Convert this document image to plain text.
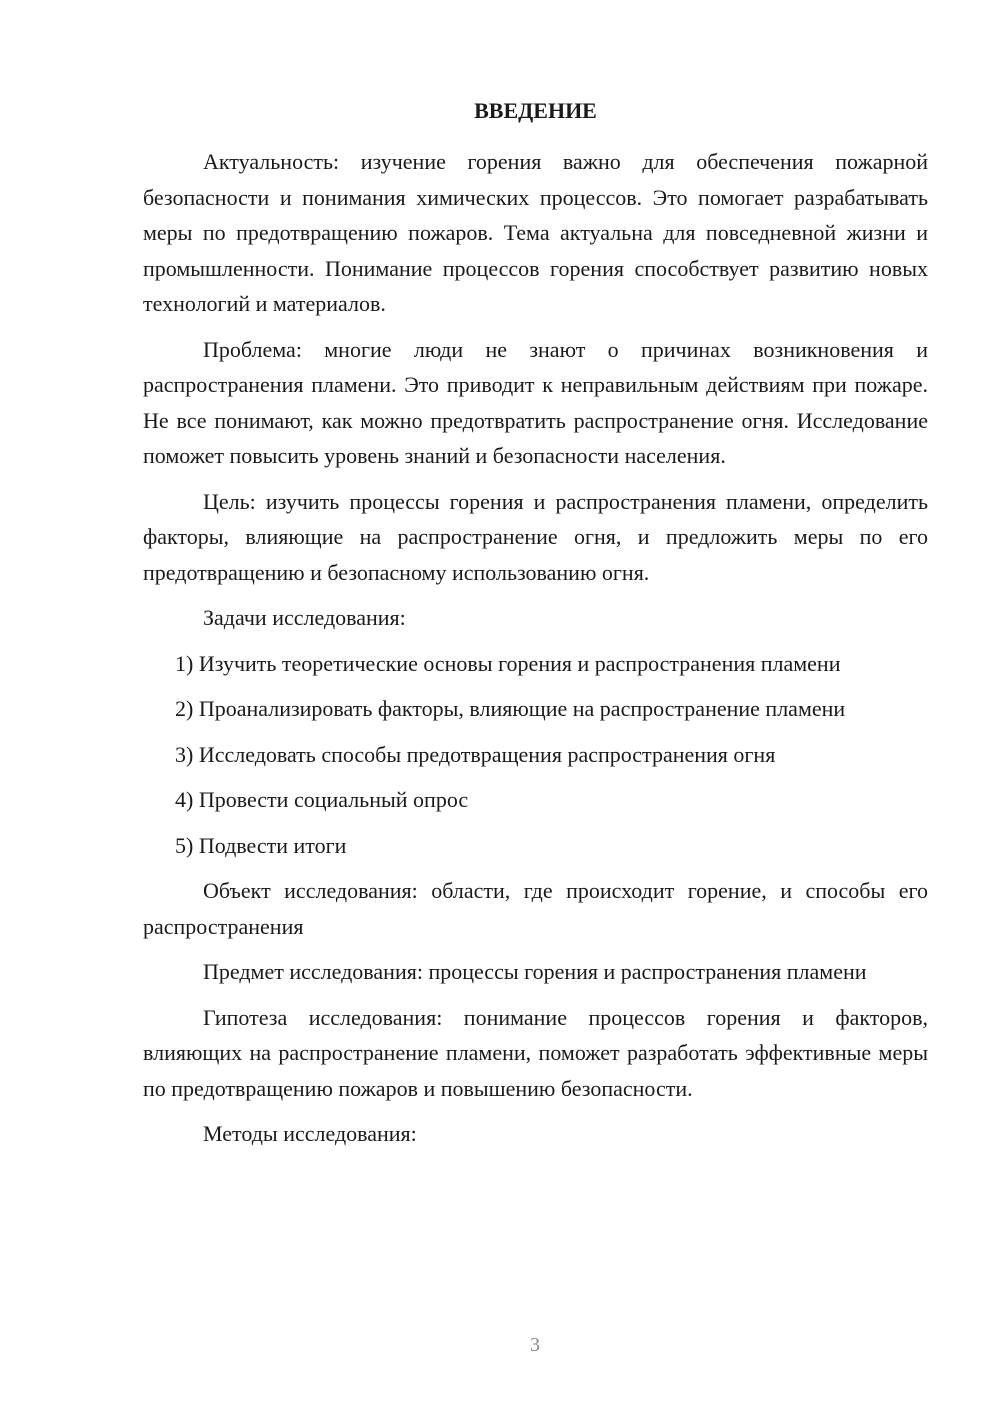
ВВЕДЕНИЕ

Актуальность: изучение горения важно для обеспечения пожарной безопасности и понимания химических процессов. Это помогает разрабатывать меры по предотвращению пожаров. Тема актуальна для повседневной жизни и промышленности. Понимание процессов горения способствует развитию новых технологий и материалов.

Проблема: многие люди не знают о причинах возникновения и распространения пламени. Это приводит к неправильным действиям при пожаре. Не все понимают, как можно предотвратить распространение огня. Исследование поможет повысить уровень знаний и безопасности населения.

Цель: изучить процессы горения и распространения пламени, определить факторы, влияющие на распространение огня, и предложить меры по его предотвращению и безопасному использованию огня.

Задачи исследования:

1) Изучить теоретические основы горения и распространения пламени

2) Проанализировать факторы, влияющие на распространение пламени

3) Исследовать способы предотвращения распространения огня

4) Провести социальный опрос

5) Подвести итоги

Объект исследования: области, где происходит горение, и способы его распространения

Предмет исследования: процессы горения и распространения пламени

Гипотеза исследования: понимание процессов горения и факторов, влияющих на распространение пламени, поможет разработать эффективные меры по предотвращению пожаров и повышению безопасности.

Методы исследования:

3
